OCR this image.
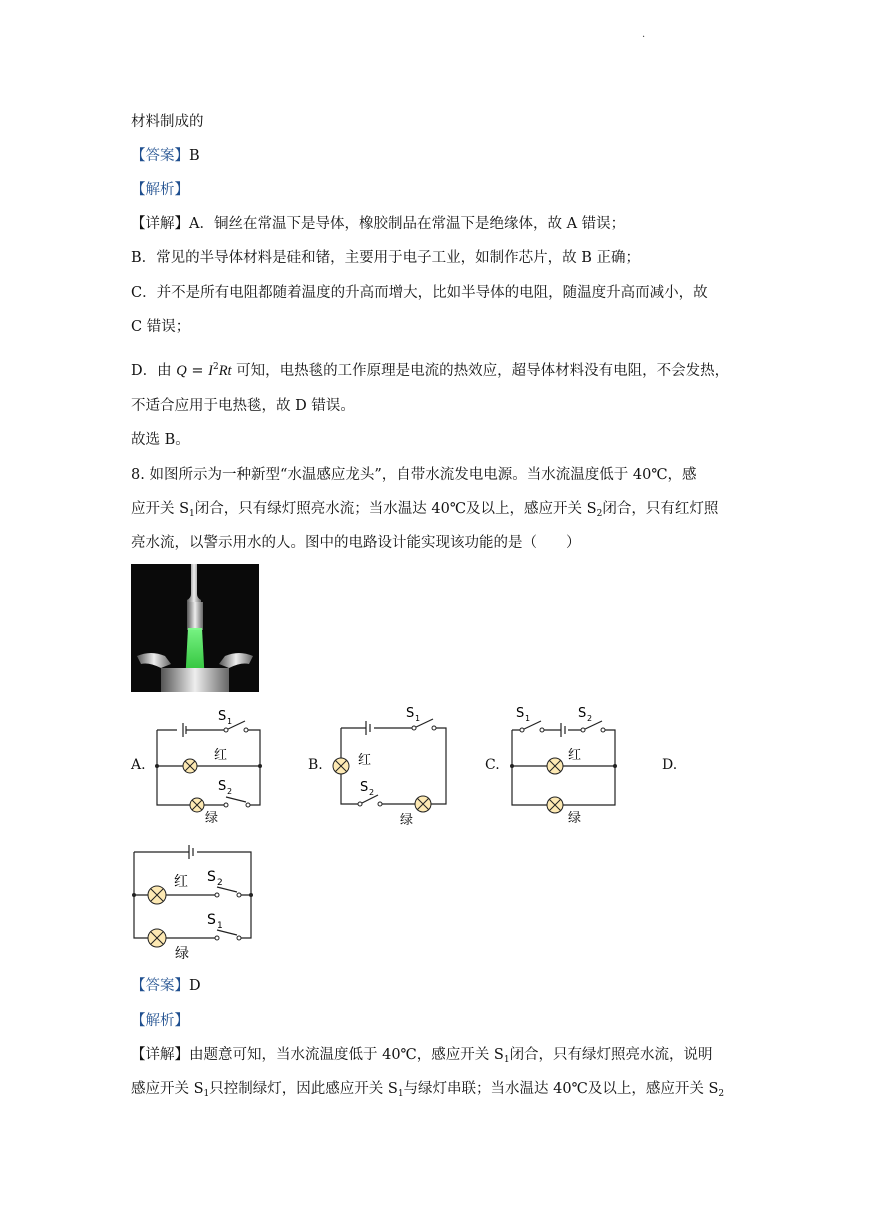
·
材料制成的
【答案】B
【解析】
【详解】A．铜丝在常温下是导体，橡胶制品在常温下是绝缘体，故 A 错误；
B．常见的半导体材料是硅和锗，主要用于电子工业，如制作芯片，故 B 正确；
C．并不是所有电阻都随着温度的升高而增大，比如半导体的电阻，随温度升高而减小，故
C 错误；
D．由 $Q = I^2Rt$ 可知，电热毯的工作原理是电流的热效应，超导体材料没有电阻，不会发热，
不适合应用于电热毯，故 D 错误。
故选 B。
8. 如图所示为一种新型“水温感应龙头”，自带水流发电电源。当水流温度低于 40℃，感
应开关 $S_1$闭合，只有绿灯照亮水流；当水温达 40℃及以上，感应开关 $S_2$闭合，只有红灯照
亮水流，以警示用水的人。图中的电路设计能实现该功能的是（　　）
A.	B.	C.	D.
S 1
红
S 2
绿
S 1
红
S 2
绿
S 1	S 2
红
绿
红 S 2
S 1
绿
【答案】D
【解析】
【详解】由题意可知，当水流温度低于 40℃，感应开关 $S_1$闭合，只有绿灯照亮水流，说明
感应开关 $S_1$只控制绿灯，因此感应开关 $S_1$与绿灯串联；当水温达 40℃及以上，感应开关 $S_2$
